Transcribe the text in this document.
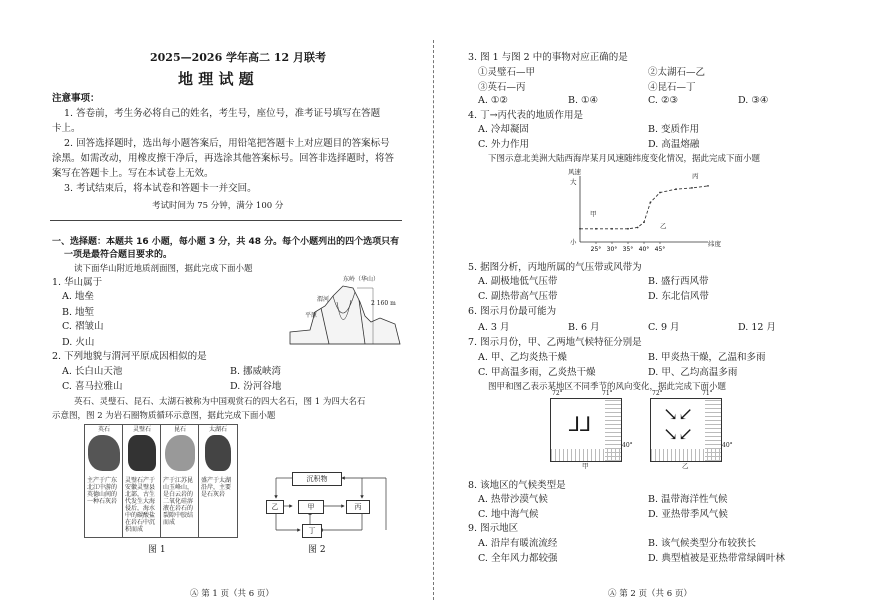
2025—2026 学年高二 12 月联考
地 理 试 题
注意事项：
1. 答卷前，考生务必将自己的姓名，考生号，座位号，准考证号填写在答题
卡上。
2. 回答选择题时，选出每小题答案后，用铅笔把答题卡上对应题目的答案标号
涂黑。如需改动，用橡皮擦干净后，再选涂其他答案标号。回答非选择题时，将答
案写在答题卡上。写在本试卷上无效。
3. 考试结束后，将本试卷和答题卡一并交回。
考试时间为 75 分钟，满分 100 分
一、选择题：本题共 16 小题，每小题 3 分，共 48 分。每个小题列出的四个选项只有
一项是最符合题目要求的。
读下面华山附近地质剖面图，据此完成下面小题
1. 华山属于
A. 地垒
B. 地堑
C. 褶皱山
D. 火山
东岭（华山）
2 160 m
渭河
平原
2. 下列地貌与渭河平原成因相似的是
A. 长白山天池	B. 挪威峡湾
C. 喜马拉雅山	D. 汾河谷地
英石、灵璧石、昆石、太湖石被称为中国观赏石的四大名石，图 1 为四大名石
示意图，图 2 为岩石圈物质循环示意图，据此完成下面小题
英石
主产于广东
北江中游的
英德山间的
一种石灰岩
灵璧石
灵璧石产于
安徽灵璧县
北部，古生
代发生大海
侵后，海水
中的碳酸盐
在岩石中沉
积而成
昆石
产于江苏昆
山玉峰山，
是白云岩的
二氧化硅溶
液在岩石的
裂隙中胶结
而成
太湖石
盛产于太湖
沿岸，主要
是石灰岩
图 1
沉积物
乙	甲	丙
丁
图 2
Ⓐ 第 1 页（共 6 页）
3. 图 1 与图 2 中的事物对应正确的是
①灵璧石—甲	②太湖石—乙
③英石—丙	④昆石—丁
A. ①②	B. ①④	C. ②③	D. ③④
4. 丁→丙代表的地质作用是
A. 冷却凝固	B. 变质作用
C. 外力作用	D. 高温熔融
下图示意北美洲大陆西海岸某月风速随纬度变化情况，据此完成下面小题
25° 30° 35° 40° 45°
风速
大
小	纬度
甲
乙
丙
5. 据图分析，丙地所属的气压带或风带为
A. 副极地低气压带	B. 盛行西风带
C. 副热带高气压带	D. 东北信风带
6. 图示月份最可能为
A. 3 月	B. 6 月	C. 9 月	D. 12 月
7. 图示月份，甲、乙两地气候特征分别是
A. 甲、乙均炎热干燥	B. 甲炎热干燥，乙温和多雨
C. 甲高温多雨，乙炎热干燥	D. 甲、乙均高温多雨
图甲和图乙表示某地区不同季节的风向变化，据此完成下面小题
72°	71°
⅃⅃
40°
甲
72°	71°
↘↙
↘↙
40°
乙
8. 该地区的气候类型是
A. 热带沙漠气候	B. 温带海洋性气候
C. 地中海气候	D. 亚热带季风气候
9. 图示地区
A. 沿岸有暖流流经	B. 该气候类型分布较狭长
C. 全年风力都较强	D. 典型植被是亚热带常绿阔叶林
Ⓐ 第 2 页（共 6 页）
